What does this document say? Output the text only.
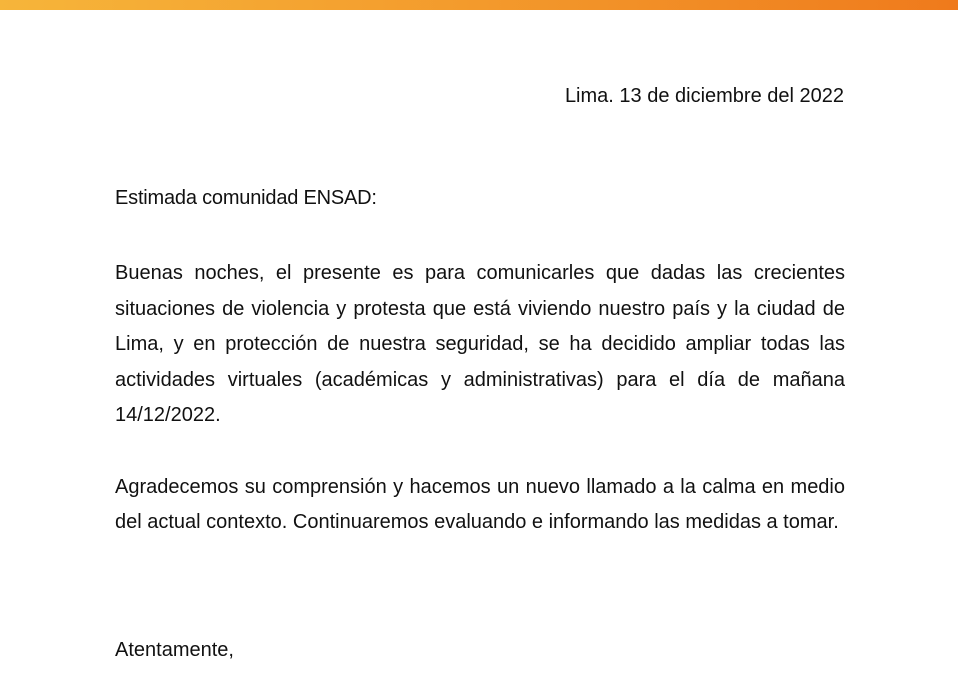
Lima. 13 de diciembre del 2022

Estimada comunidad ENSAD:

Buenas noches, el presente es para comunicarles que dadas las crecientes situaciones de violencia y protesta que está viviendo nuestro país y la ciudad de Lima, y en protección de nuestra seguridad, se ha decidido ampliar todas las actividades virtuales (académicas y administrativas) para el día de mañana 14/12/2022.

Agradecemos su comprensión y hacemos un nuevo llamado a la calma en medio del actual contexto. Continuaremos evaluando e informando las medidas a tomar.

Atentamente,
